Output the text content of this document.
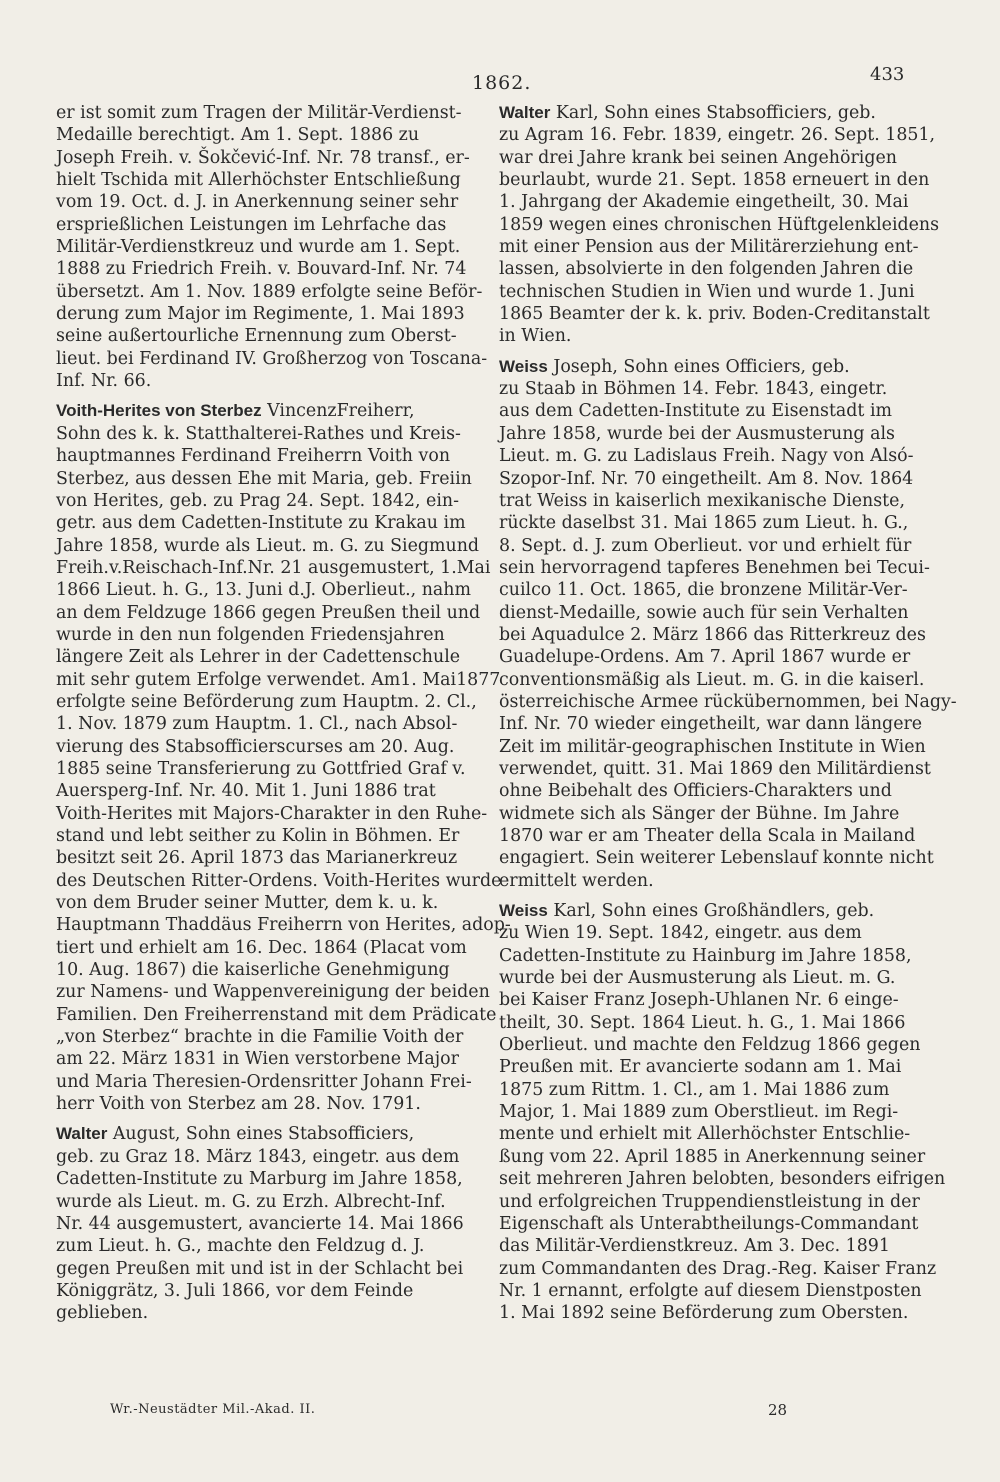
1862.	433
er ist somit zum Tragen der Militär-Verdienst-
Medaille berechtigt. Am 1. Sept. 1886 zu
Joseph Freih. v. Šokčević-Inf. Nr. 78 transf., er-
hielt Tschida mit Allerhöchster Entschließung
vom 19. Oct. d. J. in Anerkennung seiner sehr
ersprießlichen Leistungen im Lehrfache das
Militär-Verdienstkreuz und wurde am 1. Sept.
1888 zu Friedrich Freih. v. Bouvard-Inf. Nr. 74
übersetzt. Am 1. Nov. 1889 erfolgte seine Beför-
derung zum Major im Regimente, 1. Mai 1893
seine außertourliche Ernennung zum Oberst-
lieut. bei Ferdinand IV. Großherzog von Toscana-
Inf. Nr. 66.
Voith-Herites von Sterbez VincenzFreiherr,
Sohn des k. k. Statthalterei-Rathes und Kreis-
hauptmannes Ferdinand Freiherrn Voith von
Sterbez, aus dessen Ehe mit Maria, geb. Freiin
von Herites, geb. zu Prag 24. Sept. 1842, ein-
getr. aus dem Cadetten-Institute zu Krakau im
Jahre 1858, wurde als Lieut. m. G. zu Siegmund
Freih.v.Reischach-Inf.Nr. 21 ausgemustert, 1.Mai
1866 Lieut. h. G., 13. Juni d.J. Oberlieut., nahm
an dem Feldzuge 1866 gegen Preußen theil und
wurde in den nun folgenden Friedensjahren
längere Zeit als Lehrer in der Cadettenschule
mit sehr gutem Erfolge verwendet. Am1. Mai1877
erfolgte seine Beförderung zum Hauptm. 2. Cl.,
1. Nov. 1879 zum Hauptm. 1. Cl., nach Absol-
vierung des Stabsofficierscurses am 20. Aug.
1885 seine Transferierung zu Gottfried Graf v.
Auersperg-Inf. Nr. 40. Mit 1. Juni 1886 trat
Voith-Herites mit Majors-Charakter in den Ruhe-
stand und lebt seither zu Kolin in Böhmen. Er
besitzt seit 26. April 1873 das Marianerkreuz
des Deutschen Ritter-Ordens. Voith-Herites wurde
von dem Bruder seiner Mutter, dem k. u. k.
Hauptmann Thaddäus Freiherrn von Herites, adop-
tiert und erhielt am 16. Dec. 1864 (Placat vom
10. Aug. 1867) die kaiserliche Genehmigung
zur Namens- und Wappenvereinigung der beiden
Familien. Den Freiherrenstand mit dem Prädicate
„von Sterbez“ brachte in die Familie Voith der
am 22. März 1831 in Wien verstorbene Major
und Maria Theresien-Ordensritter Johann Frei-
herr Voith von Sterbez am 28. Nov. 1791.
Walter August, Sohn eines Stabsofficiers,
geb. zu Graz 18. März 1843, eingetr. aus dem
Cadetten-Institute zu Marburg im Jahre 1858,
wurde als Lieut. m. G. zu Erzh. Albrecht-Inf.
Nr. 44 ausgemustert, avancierte 14. Mai 1866
zum Lieut. h. G., machte den Feldzug d. J.
gegen Preußen mit und ist in der Schlacht bei
Königgrätz, 3. Juli 1866, vor dem Feinde
geblieben.
Walter Karl, Sohn eines Stabsofficiers, geb.
zu Agram 16. Febr. 1839, eingetr. 26. Sept. 1851,
war drei Jahre krank bei seinen Angehörigen
beurlaubt, wurde 21. Sept. 1858 erneuert in den
1. Jahrgang der Akademie eingetheilt, 30. Mai
1859 wegen eines chronischen Hüftgelenkleidens
mit einer Pension aus der Militärerziehung ent-
lassen, absolvierte in den folgenden Jahren die
technischen Studien in Wien und wurde 1. Juni
1865 Beamter der k. k. priv. Boden-Creditanstalt
in Wien.
Weiss Joseph, Sohn eines Officiers, geb.
zu Staab in Böhmen 14. Febr. 1843, eingetr.
aus dem Cadetten-Institute zu Eisenstadt im
Jahre 1858, wurde bei der Ausmusterung als
Lieut. m. G. zu Ladislaus Freih. Nagy von Alsó-
Szopor-Inf. Nr. 70 eingetheilt. Am 8. Nov. 1864
trat Weiss in kaiserlich mexikanische Dienste,
rückte daselbst 31. Mai 1865 zum Lieut. h. G.,
8. Sept. d. J. zum Oberlieut. vor und erhielt für
sein hervorragend tapferes Benehmen bei Tecui-
cuilco 11. Oct. 1865, die bronzene Militär-Ver-
dienst-Medaille, sowie auch für sein Verhalten
bei Aquadulce 2. März 1866 das Ritterkreuz des
Guadelupe-Ordens. Am 7. April 1867 wurde er
conventionsmäßig als Lieut. m. G. in die kaiserl.
österreichische Armee rückübernommen, bei Nagy-
Inf. Nr. 70 wieder eingetheilt, war dann längere
Zeit im militär-geographischen Institute in Wien
verwendet, quitt. 31. Mai 1869 den Militärdienst
ohne Beibehalt des Officiers-Charakters und
widmete sich als Sänger der Bühne. Im Jahre
1870 war er am Theater della Scala in Mailand
engagiert. Sein weiterer Lebenslauf konnte nicht
ermittelt werden.
Weiss Karl, Sohn eines Großhändlers, geb.
zu Wien 19. Sept. 1842, eingetr. aus dem
Cadetten-Institute zu Hainburg im Jahre 1858,
wurde bei der Ausmusterung als Lieut. m. G.
bei Kaiser Franz Joseph-Uhlanen Nr. 6 einge-
theilt, 30. Sept. 1864 Lieut. h. G., 1. Mai 1866
Oberlieut. und machte den Feldzug 1866 gegen
Preußen mit. Er avancierte sodann am 1. Mai
1875 zum Rittm. 1. Cl., am 1. Mai 1886 zum
Major, 1. Mai 1889 zum Oberstlieut. im Regi-
mente und erhielt mit Allerhöchster Entschlie-
ßung vom 22. April 1885 in Anerkennung seiner
seit mehreren Jahren belobten, besonders eifrigen
und erfolgreichen Truppendienstleistung in der
Eigenschaft als Unterabtheilungs-Commandant
das Militär-Verdienstkreuz. Am 3. Dec. 1891
zum Commandanten des Drag.-Reg. Kaiser Franz
Nr. 1 ernannt, erfolgte auf diesem Dienstposten
1. Mai 1892 seine Beförderung zum Obersten.
Wr.-Neustädter Mil.-Akad. II.	28
